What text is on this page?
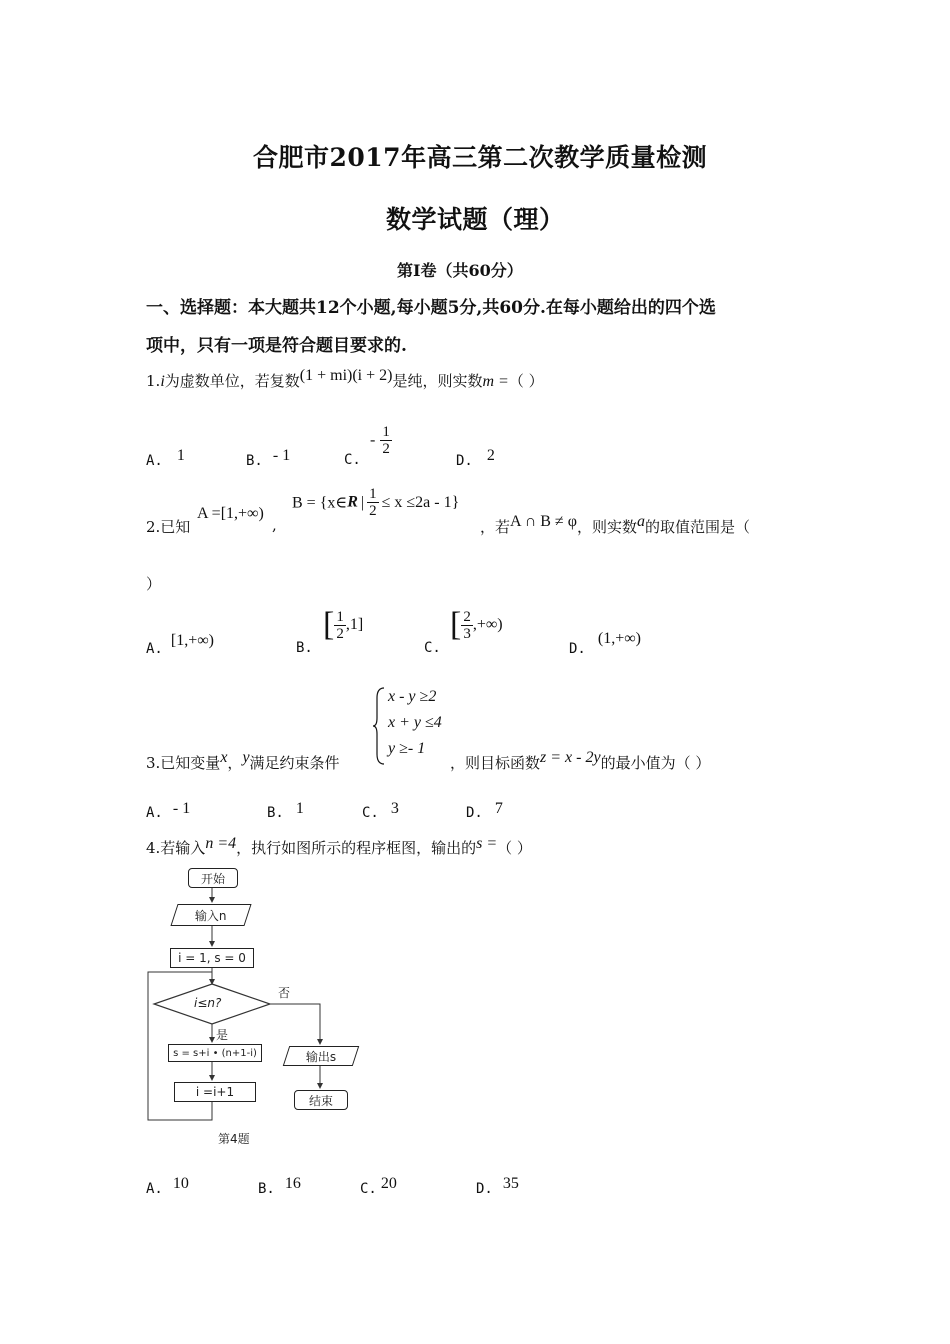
合肥市2017年高三第二次教学质量检测
数学试题（理）
第Ⅰ卷（共60分）
一、选择题：本大题共12个小题,每小题5分,共60分.在每小题给出的四个选
项中，只有一项是符合题目要求的.
1.i为虚数单位，若复数(1 + mi)(i + 2)是纯，则实数m =（ ）
A. 1	B. - 1	C.
- $\frac{1}{2}$
D. 2
2.已知
A =[1,+∞)
,
B = {x∈R | $\frac{1}{2} \le x \le 2a - 1$}
，若A ∩ B ≠ φ，则实数a的取值范围是（
）
A. [1,+∞)	B.
[ $\frac{1}{2} ,1$]
C.
[ $\frac{2}{3}$ ,+∞)
D.(1,+∞)
3.已知变量x，y满足约束条件
x - y ≥2
x + y ≤4
y ≥- 1
，则目标函数z = x - 2y的最小值为（ ）
A. - 1	B. 1	C. 3	D. 7
4.若输入n =4，执行如图所示的程序框图，输出的s =（ ）
开始
输入n
i = 1, s = 0
i≤n?
否
是
s = s+i • (n+1-i)
i =i+1
输出s
结束
第4题
A. 10	B. 16	C. 20	D. 35
